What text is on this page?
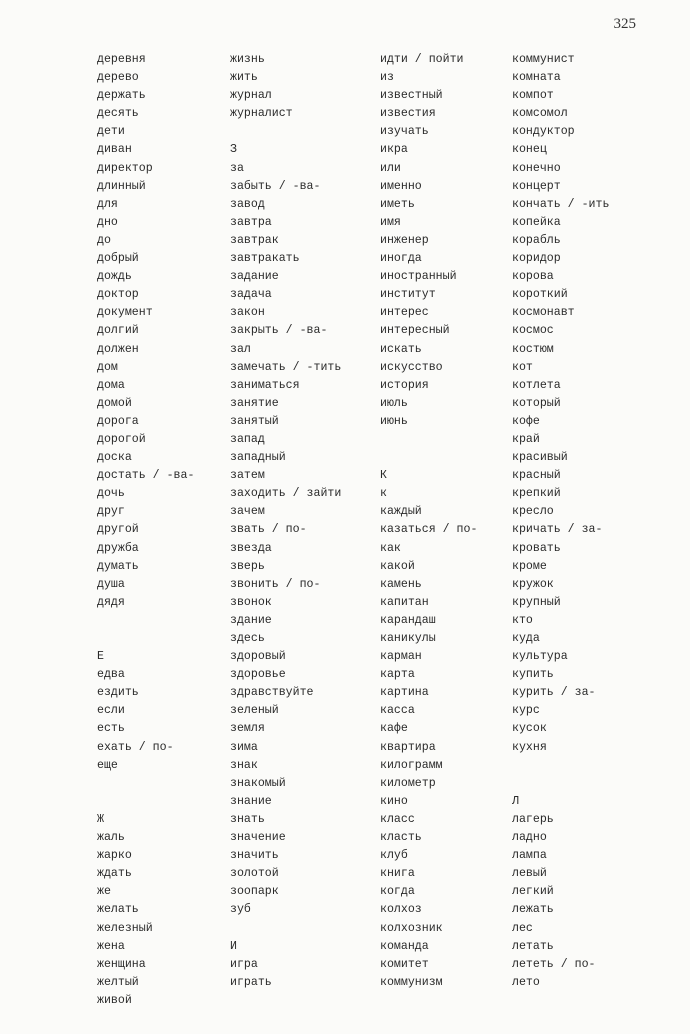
325
деревня
дерево
держать
десять
дети
диван
директор
длинный
для
дно
до
добрый
дождь
доктор
документ
долгий
должен
дом
дома
домой
дорога
дорогой
доска
достать / -ва-
дочь
друг
другой
дружба
думать
душа
дядя
Е
едва
ездить
если
есть
ехать / по-
еще
Ж
жаль
жарко
ждать
же
желать
железный
жена
женщина
желтый
живой
жизнь
жить
журнал
журналист
З
за
забыть / -ва-
завод
завтра
завтрак
завтракать
задание
задача
закон
закрыть / -ва-
зал
замечать / -тить
заниматься
занятие
занятый
запад
западный
затем
заходить / зайти
зачем
звать / по-
звезда
зверь
звонить / по-
звонок
здание
здесь
здоровый
здоровье
здравствуйте
зеленый
земля
зима
знак
знакомый
знание
знать
значение
значить
золотой
зоопарк
зуб
И
игра
играть
идти / пойти
из
известный
известия
изучать
икра
или
именно
иметь
имя
инженер
иногда
иностранный
институт
интерес
интересный
искать
искусство
история
июль
июнь
К
к
каждый
казаться / по-
как
какой
камень
капитан
карандаш
каникулы
карман
карта
картина
касса
кафе
квартира
килограмм
километр
кино
класс
класть
клуб
книга
когда
колхоз
колхозник
команда
комитет
коммунизм
коммунист
комната
компот
комсомол
кондуктор
конец
конечно
концерт
кончать / -ить
копейка
корабль
коридор
корова
короткий
космонавт
космос
костюм
кот
котлета
который
кофе
край
красивый
красный
крепкий
кресло
кричать / за-
кровать
кроме
кружок
крупный
кто
куда
культура
купить
курить / за-
курс
кусок
кухня
Л
лагерь
ладно
лампа
левый
легкий
лежать
лес
летать
лететь / по-
лето
